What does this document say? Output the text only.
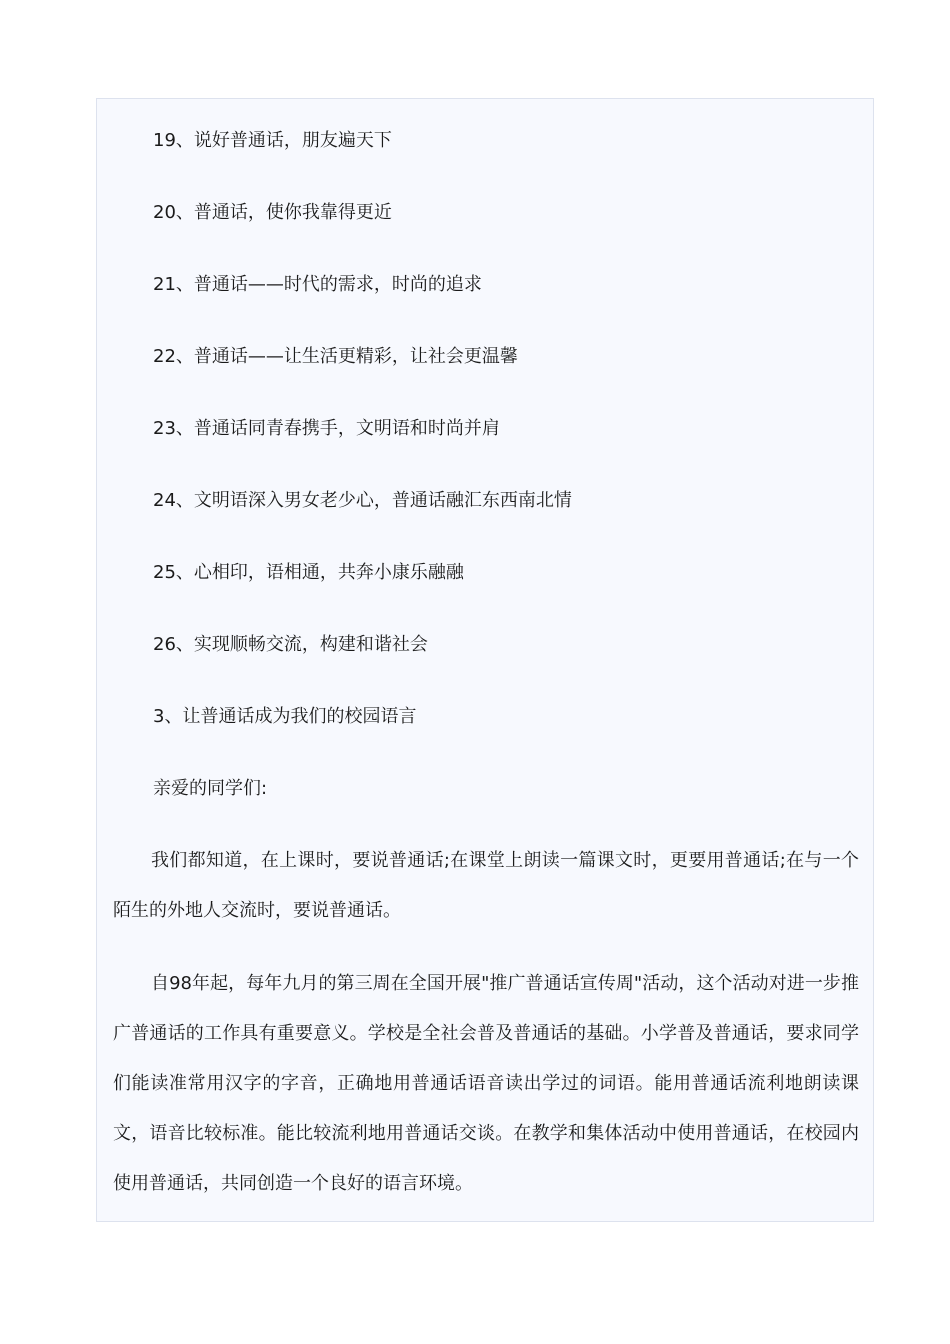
19、说好普通话，朋友遍天下

20、普通话，使你我靠得更近

21、普通话——时代的需求，时尚的追求

22、普通话——让生活更精彩，让社会更温馨

23、普通话同青春携手，文明语和时尚并肩

24、文明语深入男女老少心，普通话融汇东西南北情

25、心相印，语相通，共奔小康乐融融

26、实现顺畅交流，构建和谐社会

3、让普通话成为我们的校园语言

亲爱的同学们:

我们都知道，在上课时，要说普通话;在课堂上朗读一篇课文时，更要用普通话;在与一个陌生的外地人交流时，要说普通话。

自98年起，每年九月的第三周在全国开展"推广普通话宣传周"活动，这个活动对进一步推广普通话的工作具有重要意义。学校是全社会普及普通话的基础。小学普及普通话，要求同学们能读准常用汉字的字音，正确地用普通话语音读出学过的词语。能用普通话流利地朗读课文，语音比较标准。能比较流利地用普通话交谈。在教学和集体活动中使用普通话，在校园内使用普通话，共同创造一个良好的语言环境。
